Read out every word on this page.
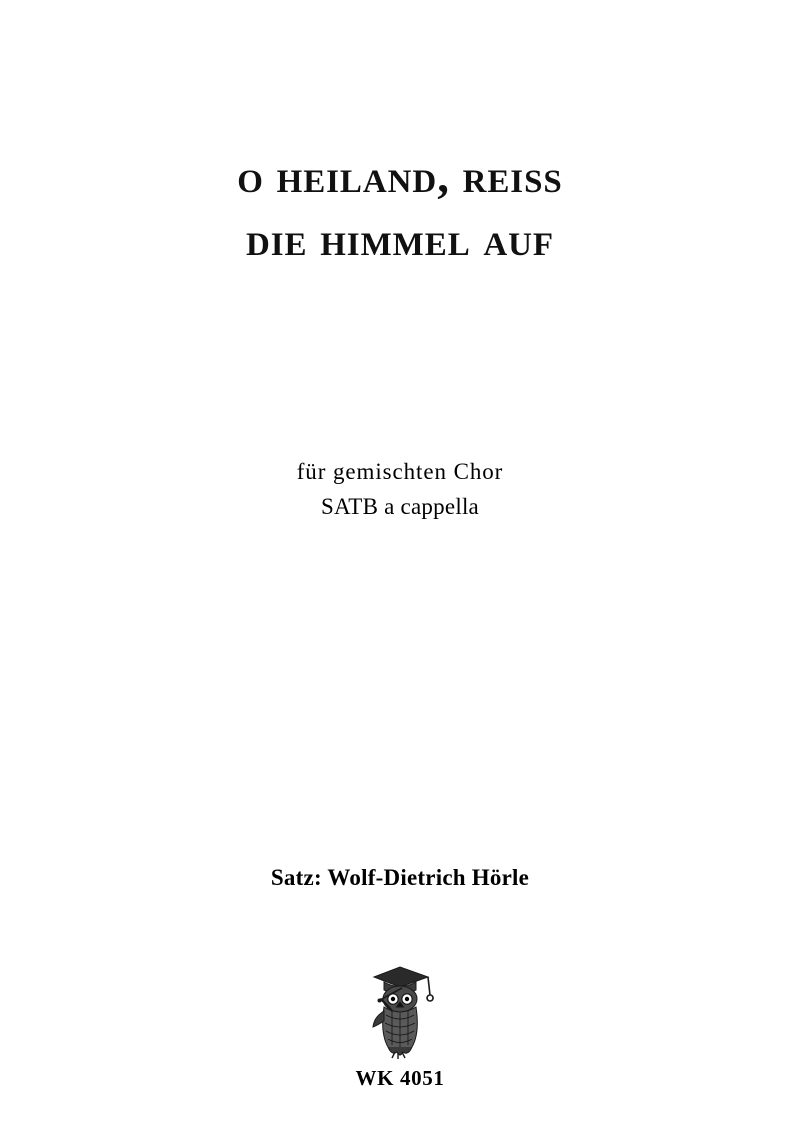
o heiland, reiss
die himmel auf
für gemischten Chor
SATB a cappella
Satz: Wolf-Dietrich Hörle
WK 4051
